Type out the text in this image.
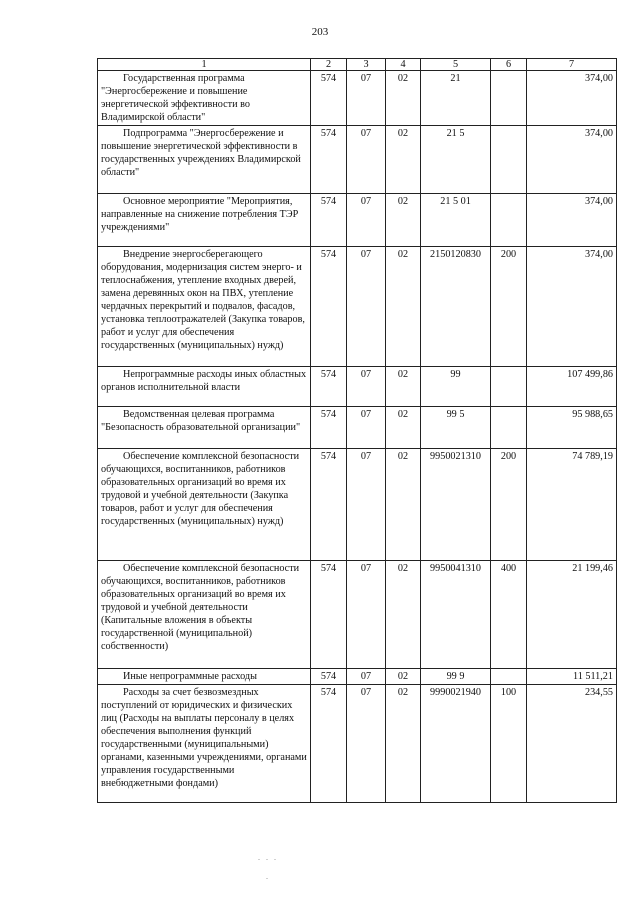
203
1	2	3	4	5	6	7
Государственная программа "Энергосбережение и повышение энергетической эффективности во Владимирской области"	574	07	02	21		374,00
Подпрограмма "Энергосбережение и повышение энергетической эффективности в государственных учреждениях Владимирской области"	574	07	02	21 5		374,00
Основное мероприятие "Мероприятия, направленные на снижение потребления ТЭР учреждениями"	574	07	02	21 5 01		374,00
Внедрение энергосберегающего оборудования, модернизация систем энерго- и теплоснабжения, утепление входных дверей, замена деревянных окон на ПВХ, утепление чердачных перекрытий и подвалов, фасадов, установка теплоотражателей (Закупка товаров, работ и услуг для обеспечения государственных (муниципальных) нужд)	574	07	02	2150120830	200	374,00
Непрограммные расходы иных областных органов исполнительной власти	574	07	02	99		107 499,86
Ведомственная целевая программа "Безопасность образовательной организации"	574	07	02	99 5		95 988,65
Обеспечение комплексной безопасности обучающихся, воспитанников, работников образовательных организаций во время их трудовой и учебной деятельности (Закупка товаров, работ и услуг для обеспечения государственных (муниципальных) нужд)	574	07	02	9950021310	200	74 789,19
Обеспечение комплексной безопасности обучающихся, воспитанников, работников образовательных организаций во время их трудовой и учебной деятельности (Капитальные вложения в объекты государственной (муниципальной) собственности)	574	07	02	9950041310	400	21 199,46
Иные непрограммные расходы	574	07	02	99 9		11 511,21
Расходы за счет безвозмездных поступлений от юридических и физических лиц (Расходы на выплаты персоналу в целях обеспечения выполнения функций государственными (муниципальными) органами, казенными учреждениями, органами управления государственными внебюджетными фондами)	574	07	02	9990021940	100	234,55
. . .
.
